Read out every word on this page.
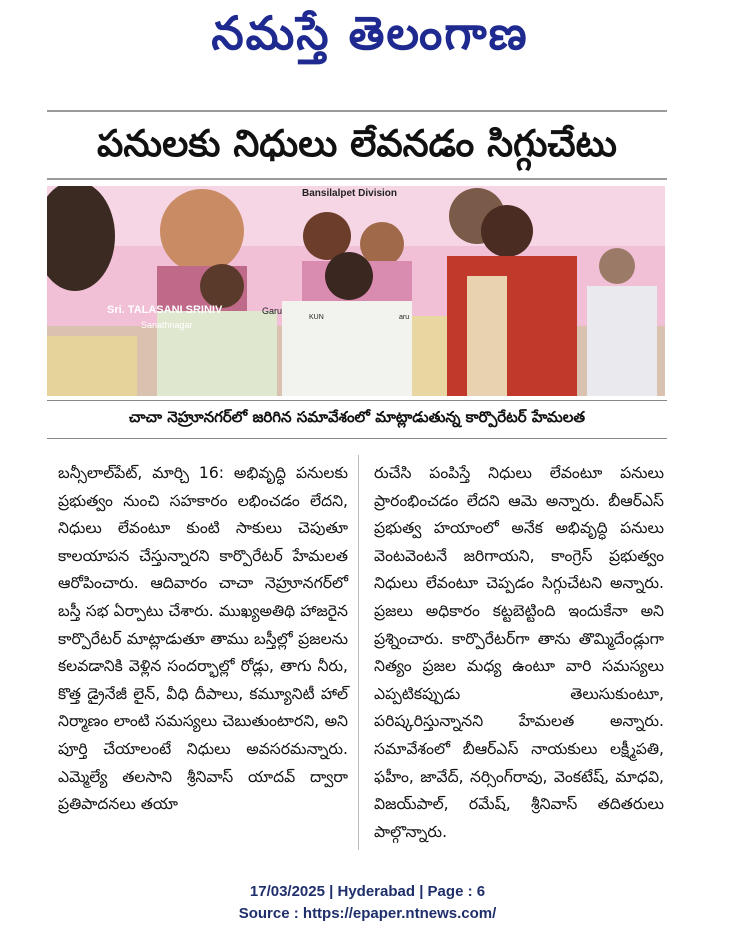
నమస్తే తెలంగాణ
పనులకు నిధులు లేవనడం సిగ్గుచేటు
Bansilalpet Division
Sri. TALASANI SRINIV
Sanathnagar
Garu
KUN	aru
చాచా నెహ్రూనగర్‌లో జరిగిన సమావేశంలో మాట్లాడుతున్న కార్పొరేటర్ హేమలత
బన్సీలాల్‌పేట్, మార్చి 16: అభివృద్ధి పనులకు ప్రభుత్వం నుంచి సహకారం లభించడం లేదని, నిధులు లేవంటూ కుంటి సాకులు చెపుతూ కాలయాపన చేస్తున్నారని కార్పొరేటర్ హేమలత ఆరోపించారు. ఆదివారం చాచా నెహ్రూనగర్‌లో బస్తీ సభ ఏర్పాటు చేశారు. ముఖ్యఅతిథి హాజరైన కార్పొరేటర్ మాట్లాడుతూ తాము బస్తీల్లో ప్రజలను కలవడానికి వెళ్లిన సందర్భాల్లో రోడ్లు, తాగు నీరు, కొత్త డ్రైనేజీ లైన్, వీధి దీపాలు, కమ్యూనిటీ హాల్ నిర్మాణం లాంటి సమస్యలు చెబుతుంటారని, అని పూర్తి చేయాలంటే నిధులు అవసరమన్నారు. ఎమ్మెల్యే తలసాని శ్రీనివాస్ యాదవ్ ద్వారా ప్రతిపాదనలు తయా
రుచేసి పంపిస్తే నిధులు లేవంటూ పనులు ప్రారంభించడం లేదని ఆమె అన్నారు. బీఆర్ఎస్ ప్రభుత్వ హయాంలో అనేక అభివృద్ధి పనులు వెంటవెంటనే జరిగాయని, కాంగ్రెస్ ప్రభుత్వం నిధులు లేవంటూ చెప్పడం సిగ్గుచేటని అన్నారు. ప్రజలు అధికారం కట్టబెట్టింది ఇందుకేనా అని ప్రశ్నించారు. కార్పొరేటర్‌గా తాను తొమ్మిదేండ్లుగా నిత్యం ప్రజల మధ్య ఉంటూ వారి సమస్యలు ఎప్పటికప్పుడు తెలుసుకుంటూ, పరిష్కరిస్తున్నానని హేమలత అన్నారు. సమావేశంలో బీఆర్ఎస్ నాయకులు లక్ష్మీపతి, ఫహీం, జావేద్, నర్సింగ్‌రావు, వెంకటేష్, మాధవి, విజయ్‌పాల్, రమేష్, శ్రీనివాస్ తదితరులు పాల్గొన్నారు.
17/03/2025 | Hyderabad | Page : 6
Source : https://epaper.ntnews.com/
